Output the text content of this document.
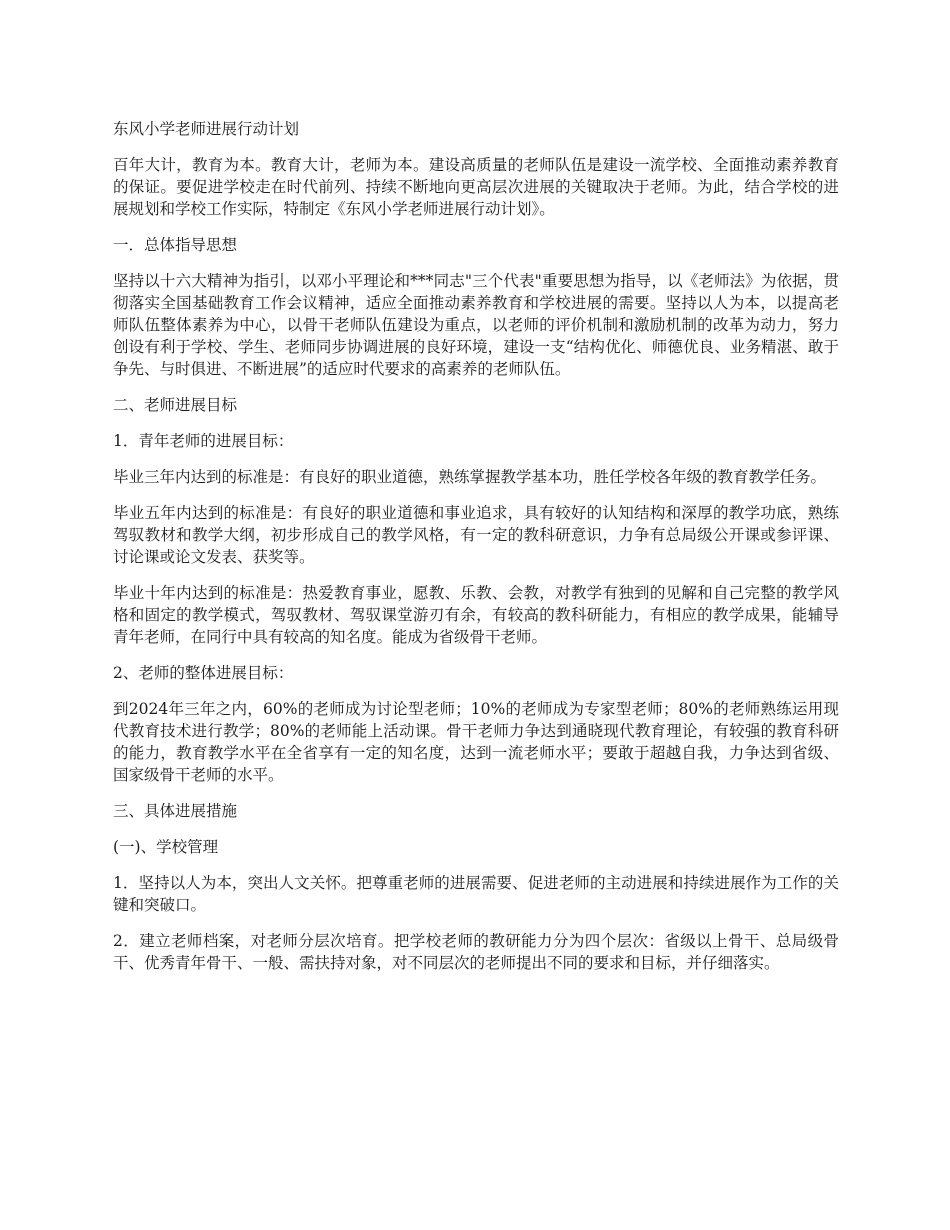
东风小学老师进展行动计划

百年大计，教育为本。教育大计，老师为本。建设高质量的老师队伍是建设一流学校、全面推动素养教育的保证。要促进学校走在时代前列、持续不断地向更高层次进展的关键取决于老师。为此，结合学校的进展规划和学校工作实际，特制定《东风小学老师进展行动计划》。

一．总体指导思想

坚持以十六大精神为指引，以邓小平理论和***同志"三个代表"重要思想为指导，以《老师法》为依据，贯彻落实全国基础教育工作会议精神，适应全面推动素养教育和学校进展的需要。坚持以人为本，以提高老师队伍整体素养为中心，以骨干老师队伍建设为重点，以老师的评价机制和激励机制的改革为动力，努力创设有利于学校、学生、老师同步协调进展的良好环境，建设一支“结构优化、师德优良、业务精湛、敢于争先、与时俱进、不断进展”的适应时代要求的高素养的老师队伍。

二、老师进展目标

1．青年老师的进展目标：

毕业三年内达到的标准是：有良好的职业道德，熟练掌握教学基本功，胜任学校各年级的教育教学任务。

毕业五年内达到的标准是：有良好的职业道德和事业追求，具有较好的认知结构和深厚的教学功底，熟练驾驭教材和教学大纲，初步形成自己的教学风格，有一定的教科研意识，力争有总局级公开课或参评课、讨论课或论文发表、获奖等。

毕业十年内达到的标准是：热爱教育事业，愿教、乐教、会教，对教学有独到的见解和自己完整的教学风格和固定的教学模式，驾驭教材、驾驭课堂游刃有余，有较高的教科研能力，有相应的教学成果，能辅导青年老师，在同行中具有较高的知名度。能成为省级骨干老师。

2、老师的整体进展目标：

到2024年三年之内，60%的老师成为讨论型老师；10%的老师成为专家型老师；80%的老师熟练运用现代教育技术进行教学；80%的老师能上活动课。骨干老师力争达到通晓现代教育理论，有较强的教育科研的能力，教育教学水平在全省享有一定的知名度，达到一流老师水平；要敢于超越自我，力争达到省级、国家级骨干老师的水平。

三、具体进展措施

(一)、学校管理

1．坚持以人为本，突出人文关怀。把尊重老师的进展需要、促进老师的主动进展和持续进展作为工作的关键和突破口。

2．建立老师档案，对老师分层次培育。把学校老师的教研能力分为四个层次：省级以上骨干、总局级骨干、优秀青年骨干、一般、需扶持对象，对不同层次的老师提出不同的要求和目标，并仔细落实。
